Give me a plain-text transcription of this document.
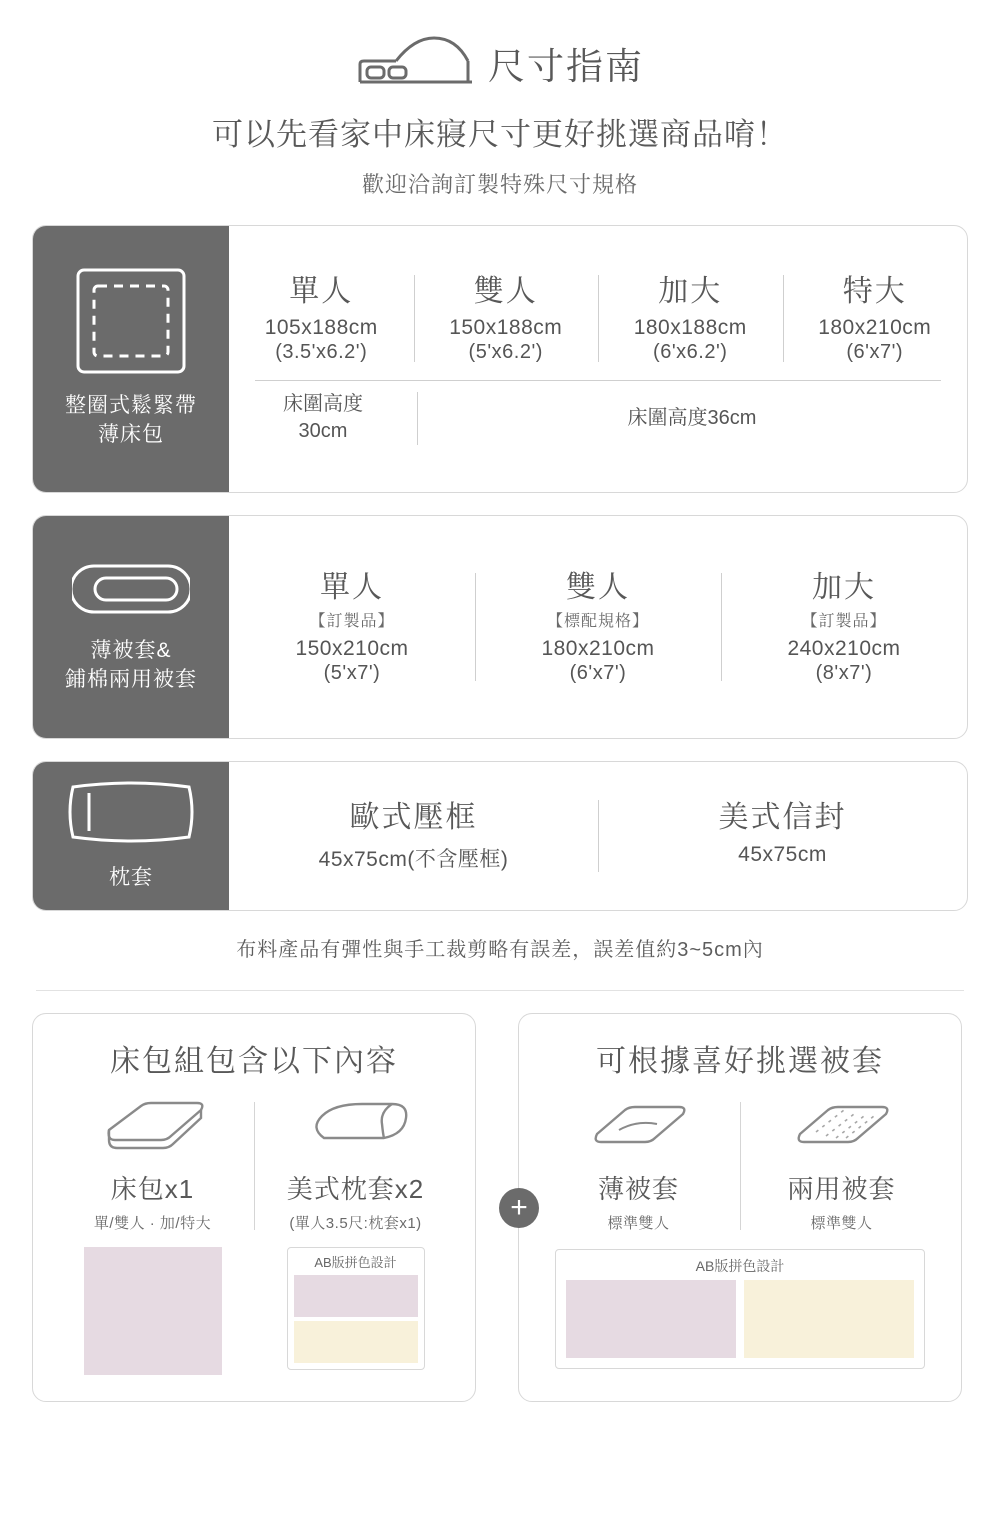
尺寸指南
可以先看家中床寢尺寸更好挑選商品唷！
歡迎洽詢訂製特殊尺寸規格
整圈式鬆緊帶
薄床包
單人
105x188cm
(3.5'x6.2')
雙人
150x188cm
(5'x6.2')
加大
180x188cm
(6'x6.2')
特大
180x210cm
(6'x7')
床圍高度
30cm
床圍高度36cm
薄被套&
鋪棉兩用被套
單人
【訂製品】
150x210cm
(5'x7')
雙人
【標配規格】
180x210cm
(6'x7')
加大
【訂製品】
240x210cm
(8'x7')
枕套
歐式壓框
45x75cm(不含壓框)
美式信封
45x75cm
布料產品有彈性與手工裁剪略有誤差，誤差值約3~5cm內
床包組包含以下內容
床包x1
單/雙人 · 加/特大
美式枕套x2
(單人3.5尺:枕套x1)
AB版拼色設計
+
可根據喜好挑選被套
薄被套
標準雙人
兩用被套
標準雙人
AB版拼色設計
